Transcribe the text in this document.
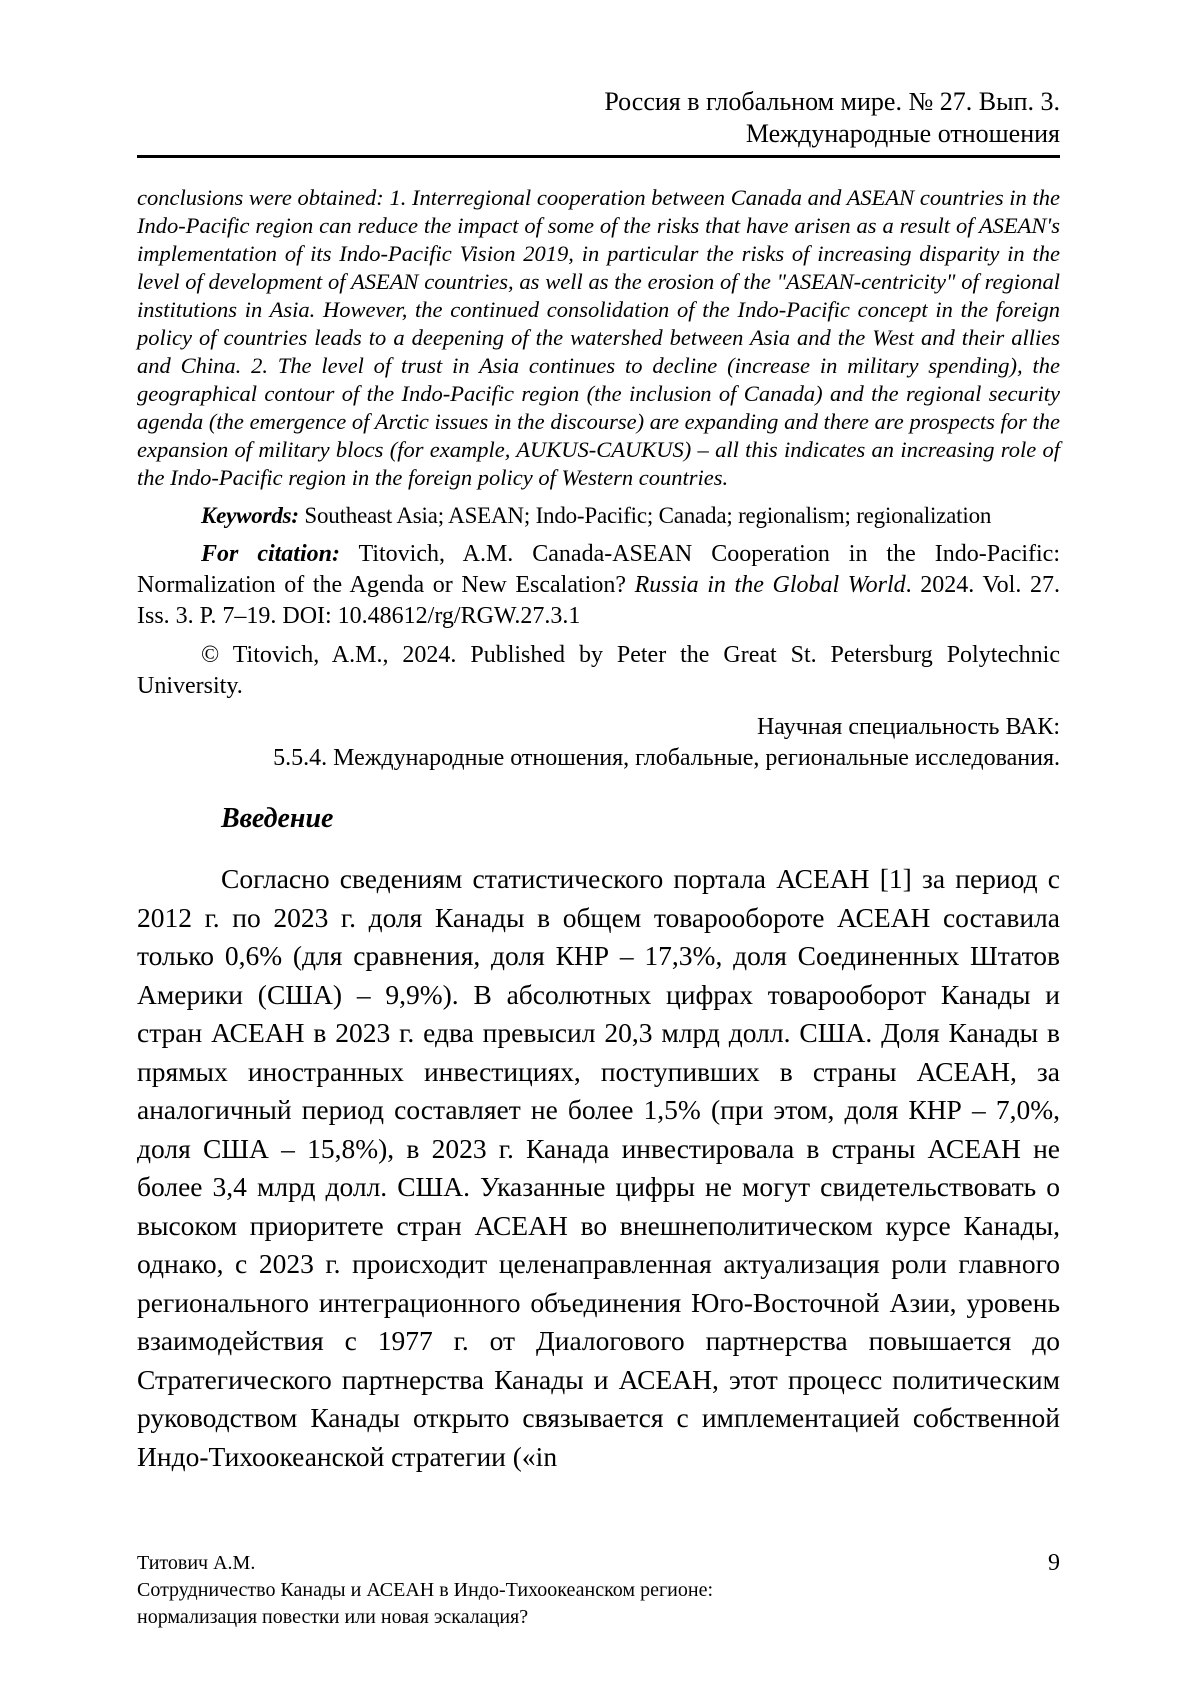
Россия в глобальном мире. № 27. Вып. 3.
Международные отношения

conclusions were obtained: 1. Interregional cooperation between Canada and ASEAN countries in the Indo-Pacific region can reduce the impact of some of the risks that have arisen as a result of ASEAN's implementation of its Indo-Pacific Vision 2019, in particular the risks of increasing disparity in the level of development of ASEAN countries, as well as the erosion of the "ASEAN-centricity" of regional institutions in Asia. However, the continued consolidation of the Indo-Pacific concept in the foreign policy of countries leads to a deepening of the watershed between Asia and the West and their allies and China. 2. The level of trust in Asia continues to decline (increase in military spending), the geographical contour of the Indo-Pacific region (the inclusion of Canada) and the regional security agenda (the emergence of Arctic issues in the discourse) are expanding and there are prospects for the expansion of military blocs (for example, AUKUS-CAUKUS) – all this indicates an increasing role of the Indo-Pacific region in the foreign policy of Western countries.

Keywords: Southeast Asia; ASEAN; Indo-Pacific; Canada; regionalism; regionalization

For citation: Titovich, A.M. Canada-ASEAN Cooperation in the Indo-Pacific: Normalization of the Agenda or New Escalation? Russia in the Global World. 2024. Vol. 27. Iss. 3. P. 7–19. DOI: 10.48612/rg/RGW.27.3.1

© Titovich, A.M., 2024. Published by Peter the Great St. Petersburg Polytechnic University.

Научная специальность ВАК:
5.5.4. Международные отношения, глобальные, региональные исследования.
Введение

Согласно сведениям статистического портала АСЕАН [1] за период с 2012 г. по 2023 г. доля Канады в общем товарообороте АСЕАН составила только 0,6% (для сравнения, доля КНР – 17,3%, доля Соединенных Штатов Америки (США) – 9,9%). В абсолютных цифрах товарооборот Канады и стран АСЕАН в 2023 г. едва превысил 20,3 млрд долл. США. Доля Канады в прямых иностранных инвестициях, поступивших в страны АСЕАН, за аналогичный период составляет не более 1,5% (при этом, доля КНР – 7,0%, доля США – 15,8%), в 2023 г. Канада инвестировала в страны АСЕАН не более 3,4 млрд долл. США. Указанные цифры не могут свидетельствовать о высоком приоритете стран АСЕАН во внешнеполитическом курсе Канады, однако, с 2023 г. происходит целенаправленная актуализация роли главного регионального интеграционного объединения Юго-Восточной Азии, уровень взаимодействия с 1977 г. от Диалогового партнерства повышается до Стратегического партнерства Канады и АСЕАН, этот процесс политическим руководством Канады открыто связывается с имплементацией собственной Индо-Тихоокеанской стратегии («in

Титович А.М.
Сотрудничество Канады и АСЕАН в Индо-Тихоокеанском регионе:
нормализация повестки или новая эскалация?
9
